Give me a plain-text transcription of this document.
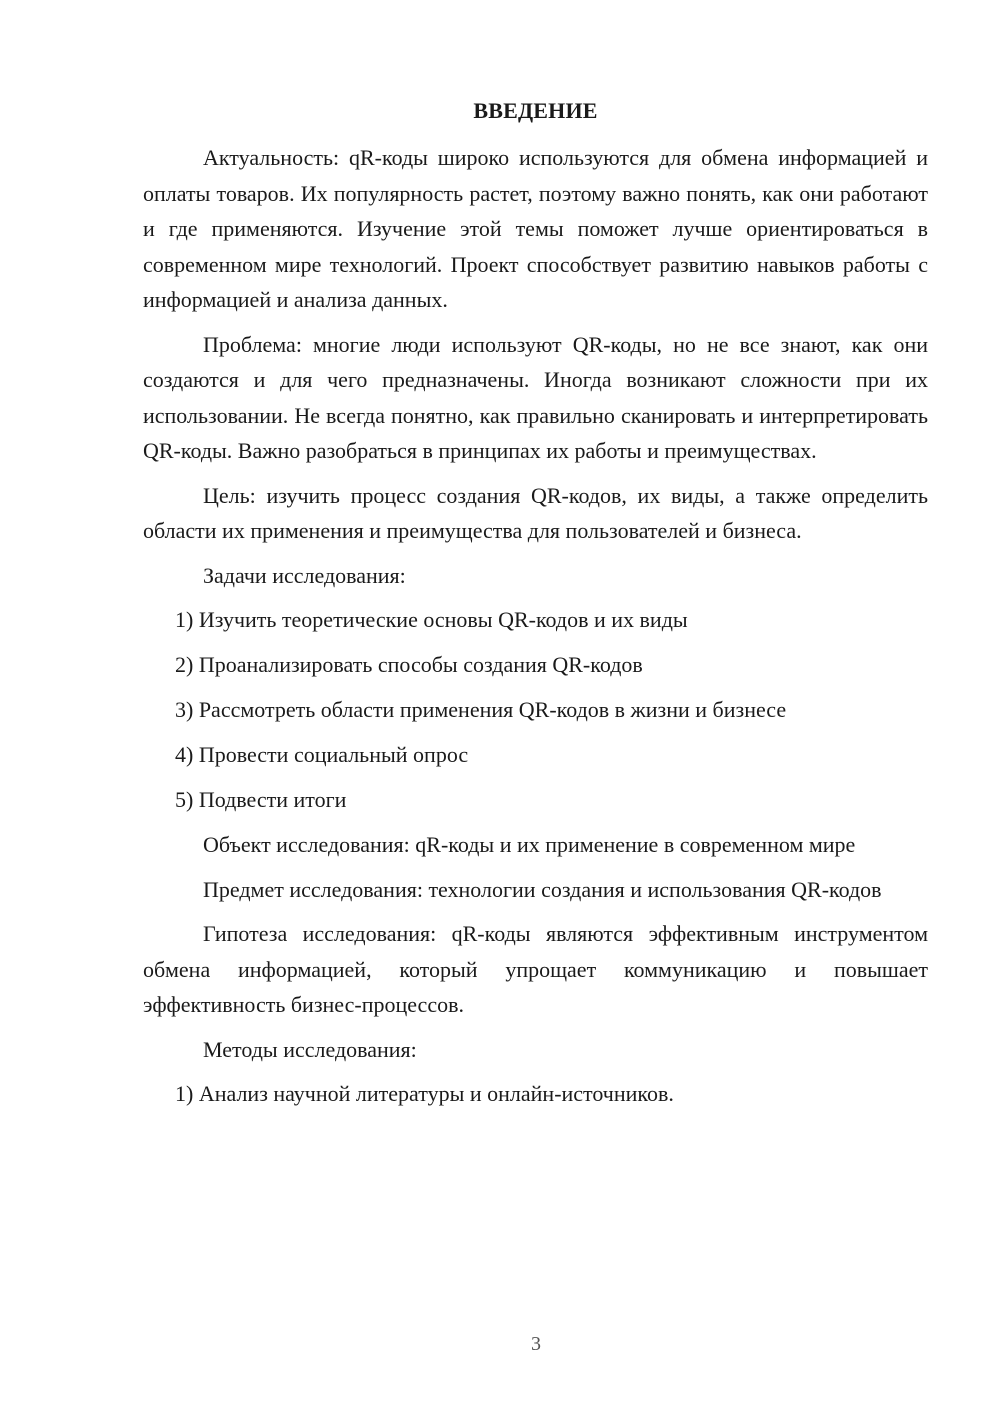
ВВЕДЕНИЕ

Актуальность: qR-коды широко используются для обмена информацией и оплаты товаров. Их популярность растет, поэтому важно понять, как они работают и где применяются. Изучение этой темы поможет лучше ориентироваться в современном мире технологий. Проект способствует развитию навыков работы с информацией и анализа данных.

Проблема: многие люди используют QR-коды, но не все знают, как они создаются и для чего предназначены. Иногда возникают сложности при их использовании. Не всегда понятно, как правильно сканировать и интерпретировать QR-коды. Важно разобраться в принципах их работы и преимуществах.

Цель: изучить процесс создания QR-кодов, их виды, а также определить области их применения и преимущества для пользователей и бизнеса.

Задачи исследования:

1) Изучить теоретические основы QR-кодов и их виды
2) Проанализировать способы создания QR-кодов
3) Рассмотреть области применения QR-кодов в жизни и бизнесе
4) Провести социальный опрос
5) Подвести итоги

Объект исследования: qR-коды и их применение в современном мире

Предмет исследования: технологии создания и использования QR-кодов

Гипотеза исследования: qR-коды являются эффективным инструментом обмена информацией, который упрощает коммуникацию и повышает эффективность бизнес-процессов.

Методы исследования:

1) Анализ научной литературы и онлайн-источников.
3
